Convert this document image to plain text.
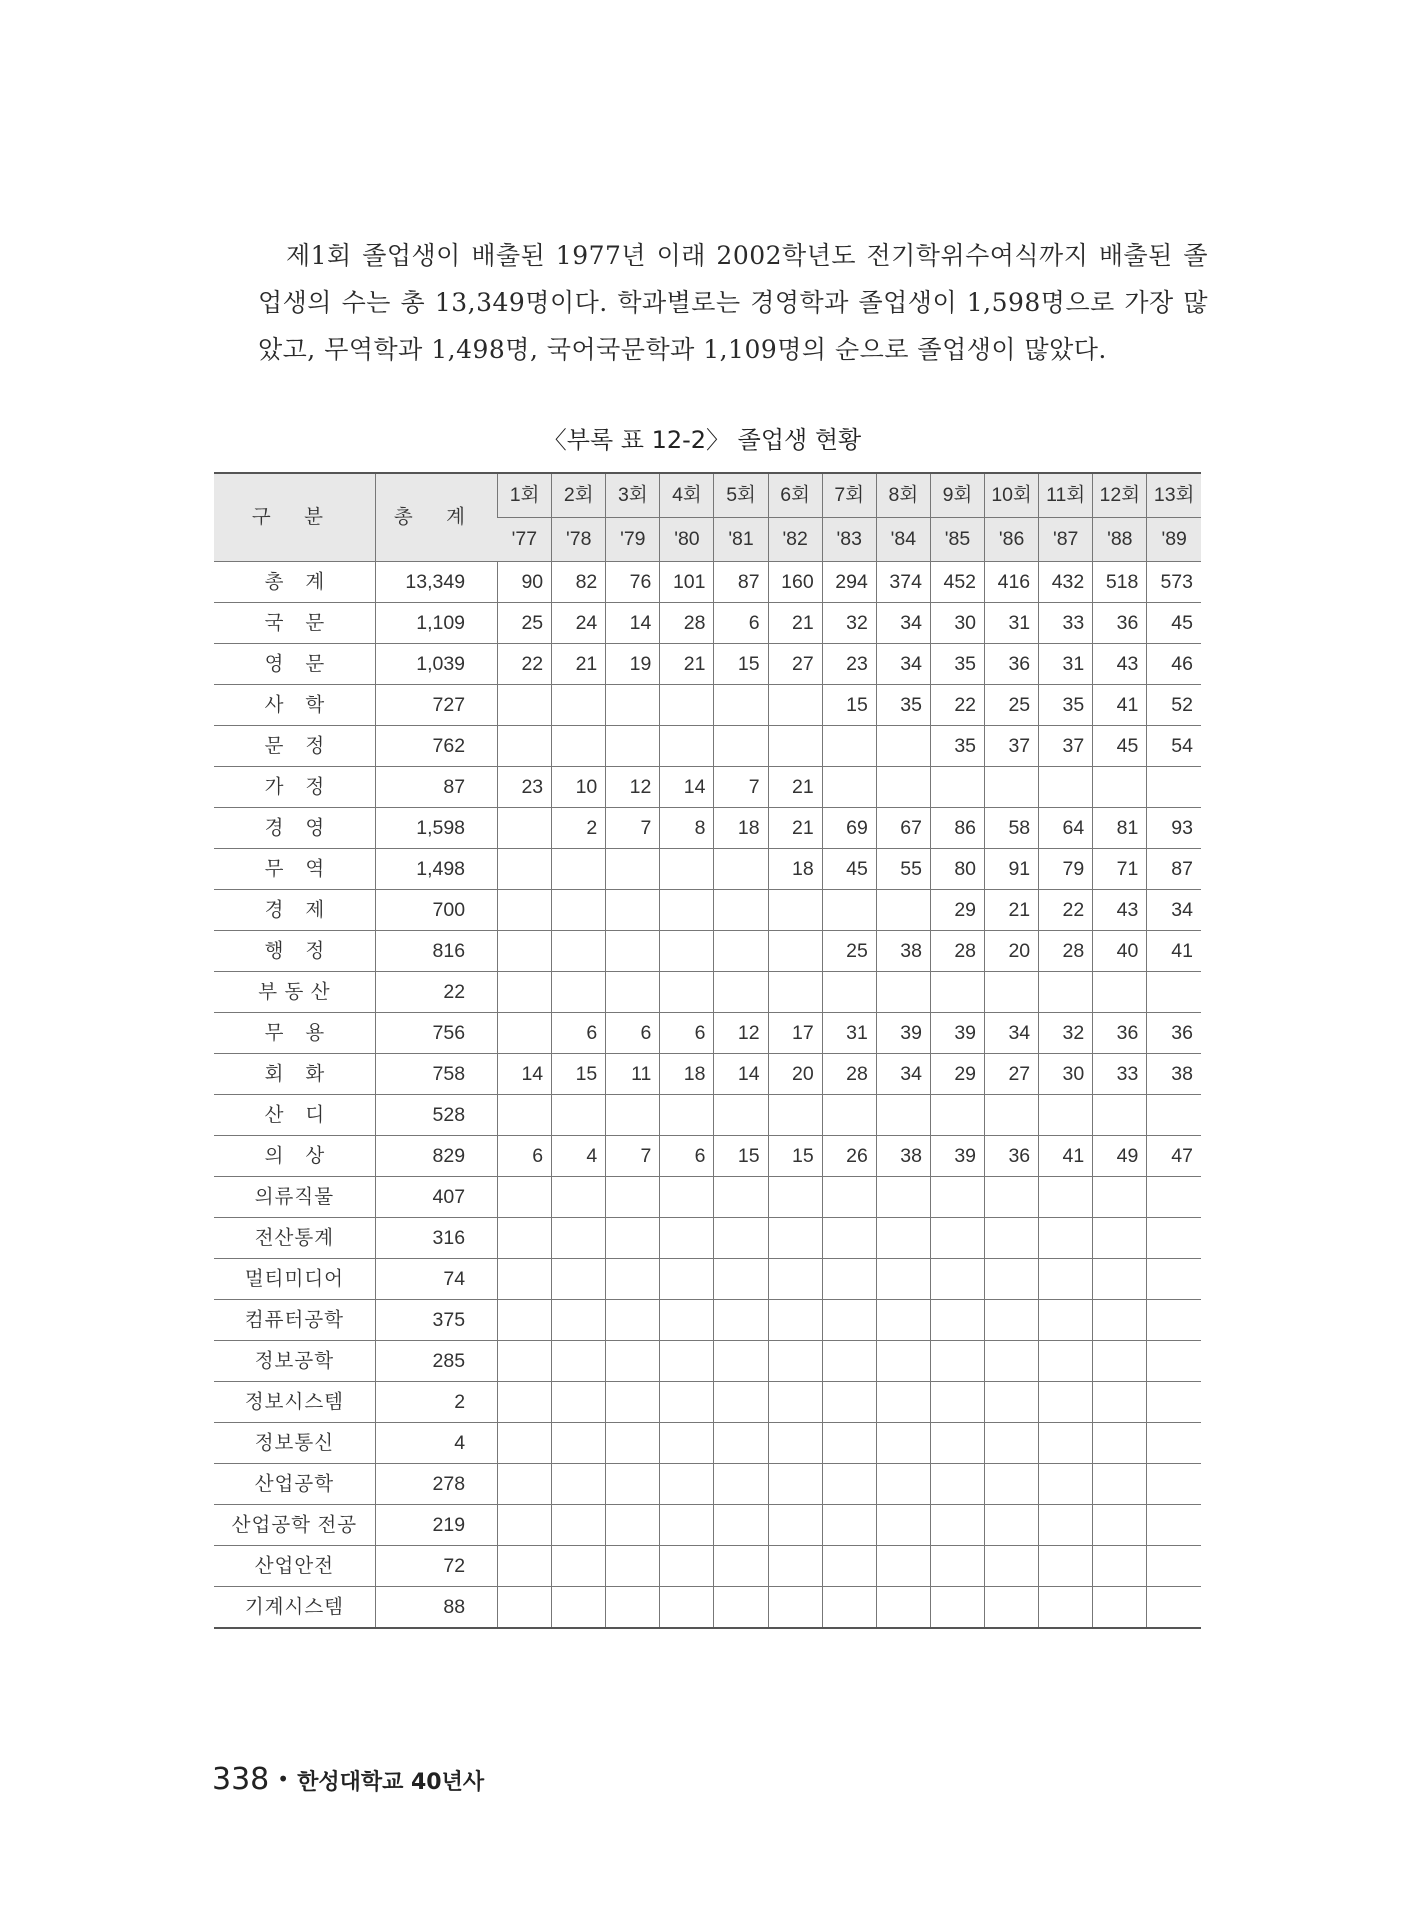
제1회 졸업생이 배출된 1977년 이래 2002학년도 전기학위수여식까지 배출된 졸업생의 수는 총 13,349명이다. 학과별로는 경영학과 졸업생이 1,598명으로 가장 많았고, 무역학과 1,498명, 국어국문학과 1,109명의 순으로 졸업생이 많았다.

〈부록 표 12-2〉 졸업생 현황
구 분	총 계	1회	2회	3회	4회	5회	6회	7회	8회	9회	10회	11회	12회	13회
		'77	'78	'79	'80	'81	'82	'83	'84	'85	'86	'87	'88	'89
총계	13,349	90	82	76	101	87	160	294	374	452	416	432	518	573
국문	1,109	25	24	14	28	6	21	32	34	30	31	33	36	45
영문	1,039	22	21	19	21	15	27	23	34	35	36	31	43	46
사학	727							15	35	22	25	35	41	52
문정	762									35	37	37	45	54
가정	87	23	10	12	14	7	21							
경영	1,598		2	7	8	18	21	69	67	86	58	64	81	93
무역	1,498						18	45	55	80	91	79	71	87
경제	700									29	21	22	43	34
행정	816							25	38	28	20	28	40	41
부 동 산	22													
무용	756		6	6	6	12	17	31	39	39	34	32	36	36
회화	758	14	15	11	18	14	20	28	34	29	27	30	33	38
산디	528													
의상	829	6	4	7	6	15	15	26	38	39	36	41	49	47
의류직물	407													
전산통계	316													
멀티미디어	74													
컴퓨터공학	375													
정보공학	285													
정보시스템	2													
정보통신	4													
산업공학	278													
산업공학 전공	219													
산업안전	72													
기계시스템	88													
338 • 한성대학교 40년사
